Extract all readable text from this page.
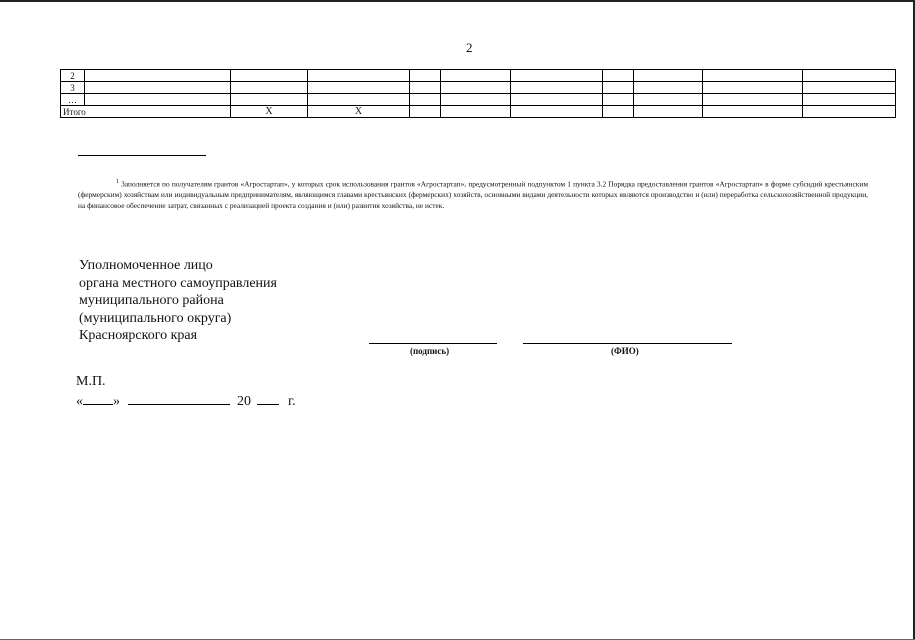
2
2										
3										
…										
Итого		X	X							
$^1$ Заполняется по получателям грантов «Агростартап», у которых срок использования грантов «Агростартап», предусмотренный подпунктом 1 пункта 3.2 Порядка предоставления грантов «Агростартап» в форме субсидий крестьянским (фермерским) хозяйствам или индивидуальным предпринимателям, являющимся главами крестьянских (фермерских) хозяйств, основными видами деятельности которых являются производство и (или) переработка сельскохозяйственной продукции, на финансовое обеспечение затрат, связанных с реализацией проекта создания и (или) развития хозяйства, не истек.
Уполномоченное лицо
органа местного самоуправления
муниципального района
(муниципального округа)
Красноярского края
(подпись)	(ФИО)
М.П.
« »	20	г.
